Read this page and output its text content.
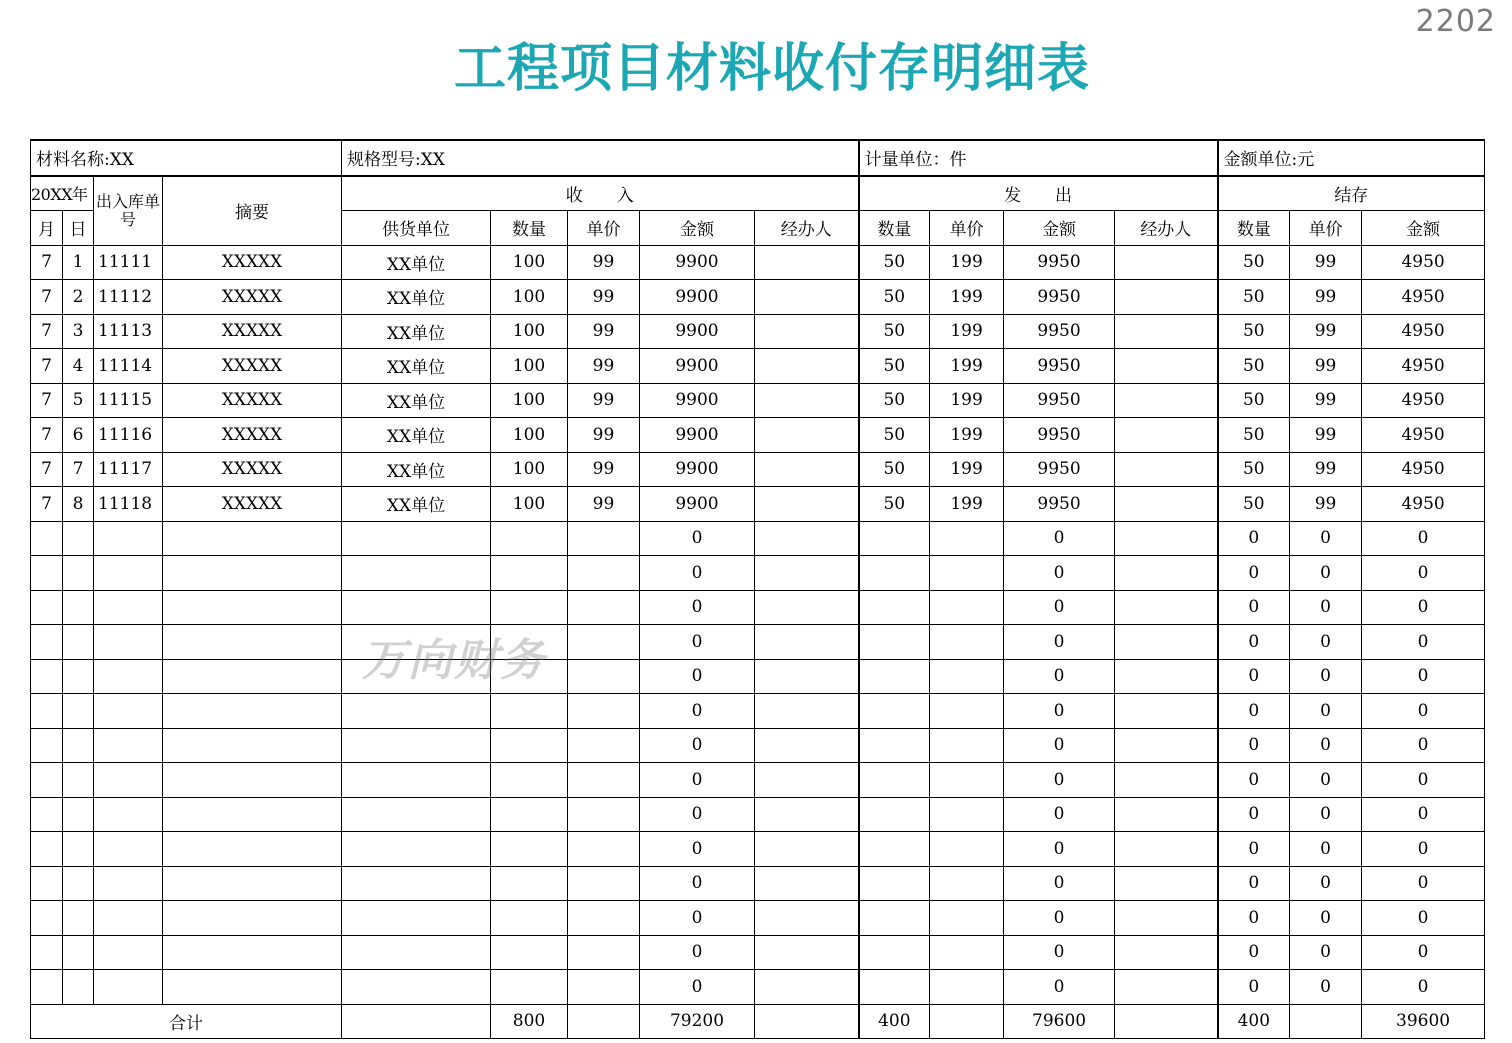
2202
工程项目材料收付存明细表
材料名称:XX				规格型号:XX					计量单位：件				金额单位:元		
20XX年		出入库单号	摘要	收　　入					发　　出				结存		
月	日			供货单位	数量	单价	金额	经办人	数量	单价	金额	经办人	数量	单价	金额
7	1	11111	XXXXX	XX单位	100	99	9900		50	199	9950		50	99	4950
7	2	11112	XXXXX	XX单位	100	99	9900		50	199	9950		50	99	4950
7	3	11113	XXXXX	XX单位	100	99	9900		50	199	9950		50	99	4950
7	4	11114	XXXXX	XX单位	100	99	9900		50	199	9950		50	99	4950
7	5	11115	XXXXX	XX单位	100	99	9900		50	199	9950		50	99	4950
7	6	11116	XXXXX	XX单位	100	99	9900		50	199	9950		50	99	4950
7	7	11117	XXXXX	XX单位	100	99	9900		50	199	9950		50	99	4950
7	8	11118	XXXXX	XX单位	100	99	9900		50	199	9950		50	99	4950
							0				0		0	0	0
							0				0		0	0	0
							0				0		0	0	0
							0				0		0	0	0
							0				0		0	0	0
							0				0		0	0	0
							0				0		0	0	0
							0				0		0	0	0
							0				0		0	0	0
							0				0		0	0	0
							0				0		0	0	0
							0				0		0	0	0
							0				0		0	0	0
							0				0		0	0	0
合计					800		79200		400		79600		400		39600
万向财务
